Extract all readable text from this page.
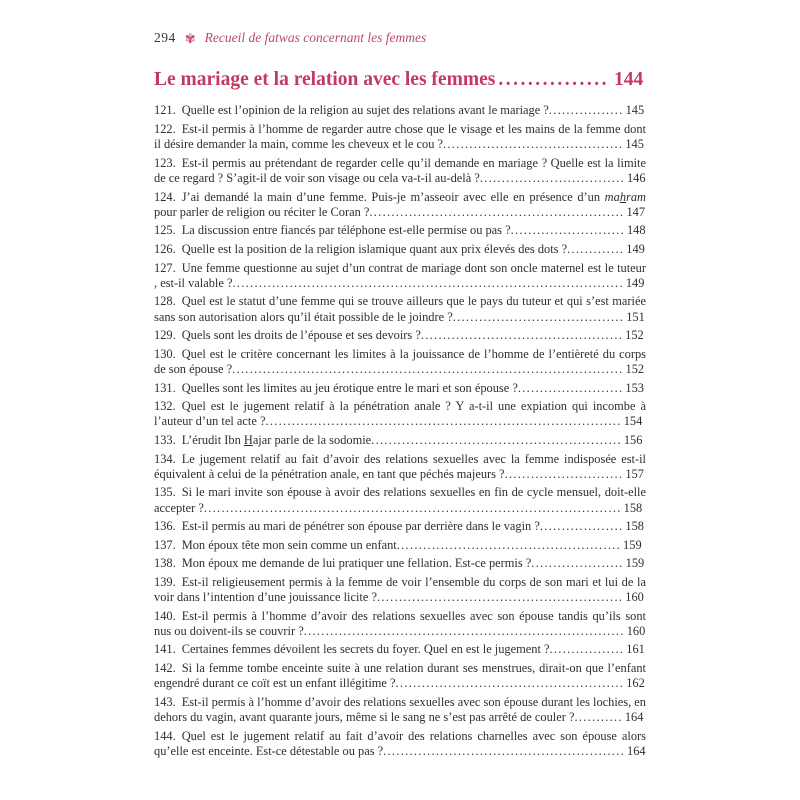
294 ✾ Recueil de fatwas concernant les femmes
Le mariage et la relation avec les femmes ............... 144

121. Quelle est l’opinion de la religion au sujet des relations avant le mariage ?................. 145

122. Est-il permis à l’homme de regarder autre chose que le visage et les mains de la femme dont il désire demander la main, comme les cheveux et le cou ?......................................... 145

123. Est-il permis au prétendant de regarder celle qu’il demande en mariage ? Quelle est la limite de ce regard ? S’agit-il de voir son visage ou cela va-t-il au-delà ?................................. 146

124. J’ai demandé la main d’une femme. Puis-je m’asseoir avec elle en présence d’un mahram pour parler de religion ou réciter le Coran ?.......................................................... 147

125. La discussion entre fiancés par téléphone est-elle permise ou pas ?.......................... 148

126. Quelle est la position de la religion islamique quant aux prix élevés des dots ?............. 149

127. Une femme questionne au sujet d’un contrat de mariage dont son oncle maternel est le tuteur , est-il valable ?......................................................................................... 149

128. Quel est le statut d’une femme qui se trouve ailleurs que le pays du tuteur et qui s’est mariée sans son autorisation alors qu’il était possible de le joindre ?....................................... 151

129. Quels sont les droits de l’épouse et ses devoirs ?.............................................. 152

130. Quel est le critère concernant les limites à la jouissance de l’homme de l’entièreté du corps de son épouse ?......................................................................................... 152

131. Quelles sont les limites au jeu érotique entre le mari et son épouse ?........................ 153

132. Quel est le jugement relatif à la pénétration anale ? Y a-t-il une expiation qui incombe à l’auteur d’un tel acte ?................................................................................. 154

133. L’érudit Ibn Hajar parle de la sodomie......................................................... 156

134. Le jugement relatif au fait d’avoir des relations sexuelles avec la femme indisposée est-il équivalent à celui de la pénétration anale, en tant que péchés majeurs ?........................... 157

135. Si le mari invite son épouse à avoir des relations sexuelles en fin de cycle mensuel, doit-elle accepter ?............................................................................................... 158

136. Est-il permis au mari de pénétrer son épouse par derrière dans le vagin ?................... 158

137. Mon époux tête mon sein comme un enfant................................................... 159

138. Mon époux me demande de lui pratiquer une fellation. Est-ce permis ?..................... 159

139. Est-il religieusement permis à la femme de voir l’ensemble du corps de son mari et lui de la voir dans l’intention d’une jouissance licite ?........................................................ 160

140. Est-il permis à l’homme d’avoir des relations sexuelles avec son épouse tandis qu’ils sont nus ou doivent-ils se couvrir ?......................................................................... 160

141. Certaines femmes dévoilent les secrets du foyer. Quel en est le jugement ?................. 161

142. Si la femme tombe enceinte suite à une relation durant ses menstrues, dirait-on que l’enfant engendré durant ce coït est un enfant illégitime ?.................................................... 162

143. Est-il permis à l’homme d’avoir des relations sexuelles avec son épouse durant les lochies, en dehors du vagin, avant quarante jours, même si le sang ne s’est pas arrêté de couler ?........... 164

144. Quel est le jugement relatif au fait d’avoir des relations charnelles avec son épouse alors qu’elle est enceinte. Est-ce détestable ou pas ?....................................................... 164
